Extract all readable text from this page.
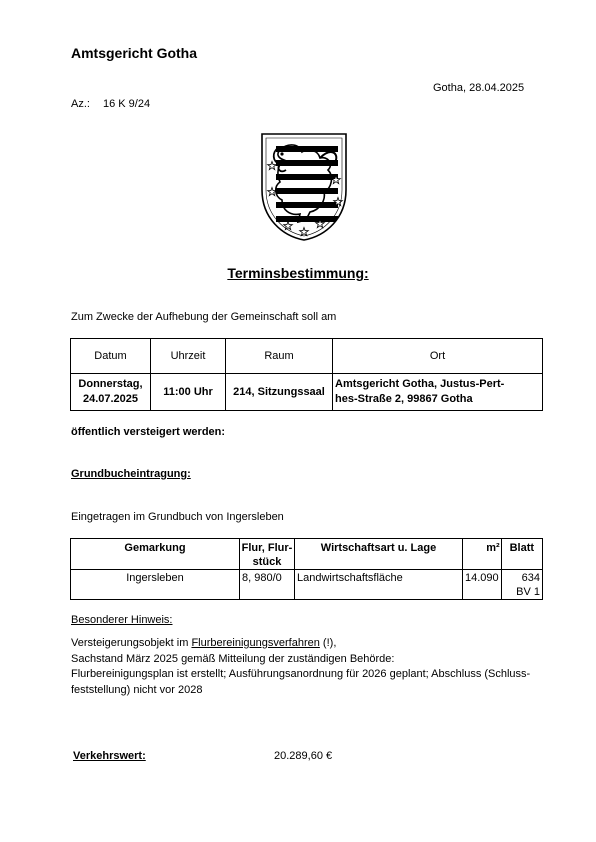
Amtsgericht Gotha
Gotha, 28.04.2025
Az.: 16 K 9/24
Terminsbestimmung:
Zum Zwecke der Aufhebung der Gemeinschaft soll am
Datum	Uhrzeit	Raum	Ort
Donnerstag,
24.07.2025	11:00 Uhr	214, Sitzungssaal	Amtsgericht Gotha, Justus-Pert-
hes-Straße 2, 99867 Gotha
öffentlich versteigert werden:
Grundbucheintragung:
Eingetragen im Grundbuch von Ingersleben
Gemarkung	Flur, Flur-
stück	Wirtschaftsart u. Lage	m²	Blatt
Ingersleben	8, 980/0	Landwirtschaftsfläche	14.090	634
BV 1
Besonderer Hinweis:
Versteigerungsobjekt im Flurbereinigungsverfahren (!),
Sachstand März 2025 gemäß Mitteilung der zuständigen Behörde:
Flurbereinigungsplan ist erstellt; Ausführungsanordnung für 2026 geplant; Abschluss (Schluss-
feststellung) nicht vor 2028
Verkehrswert:	20.289,60 €
